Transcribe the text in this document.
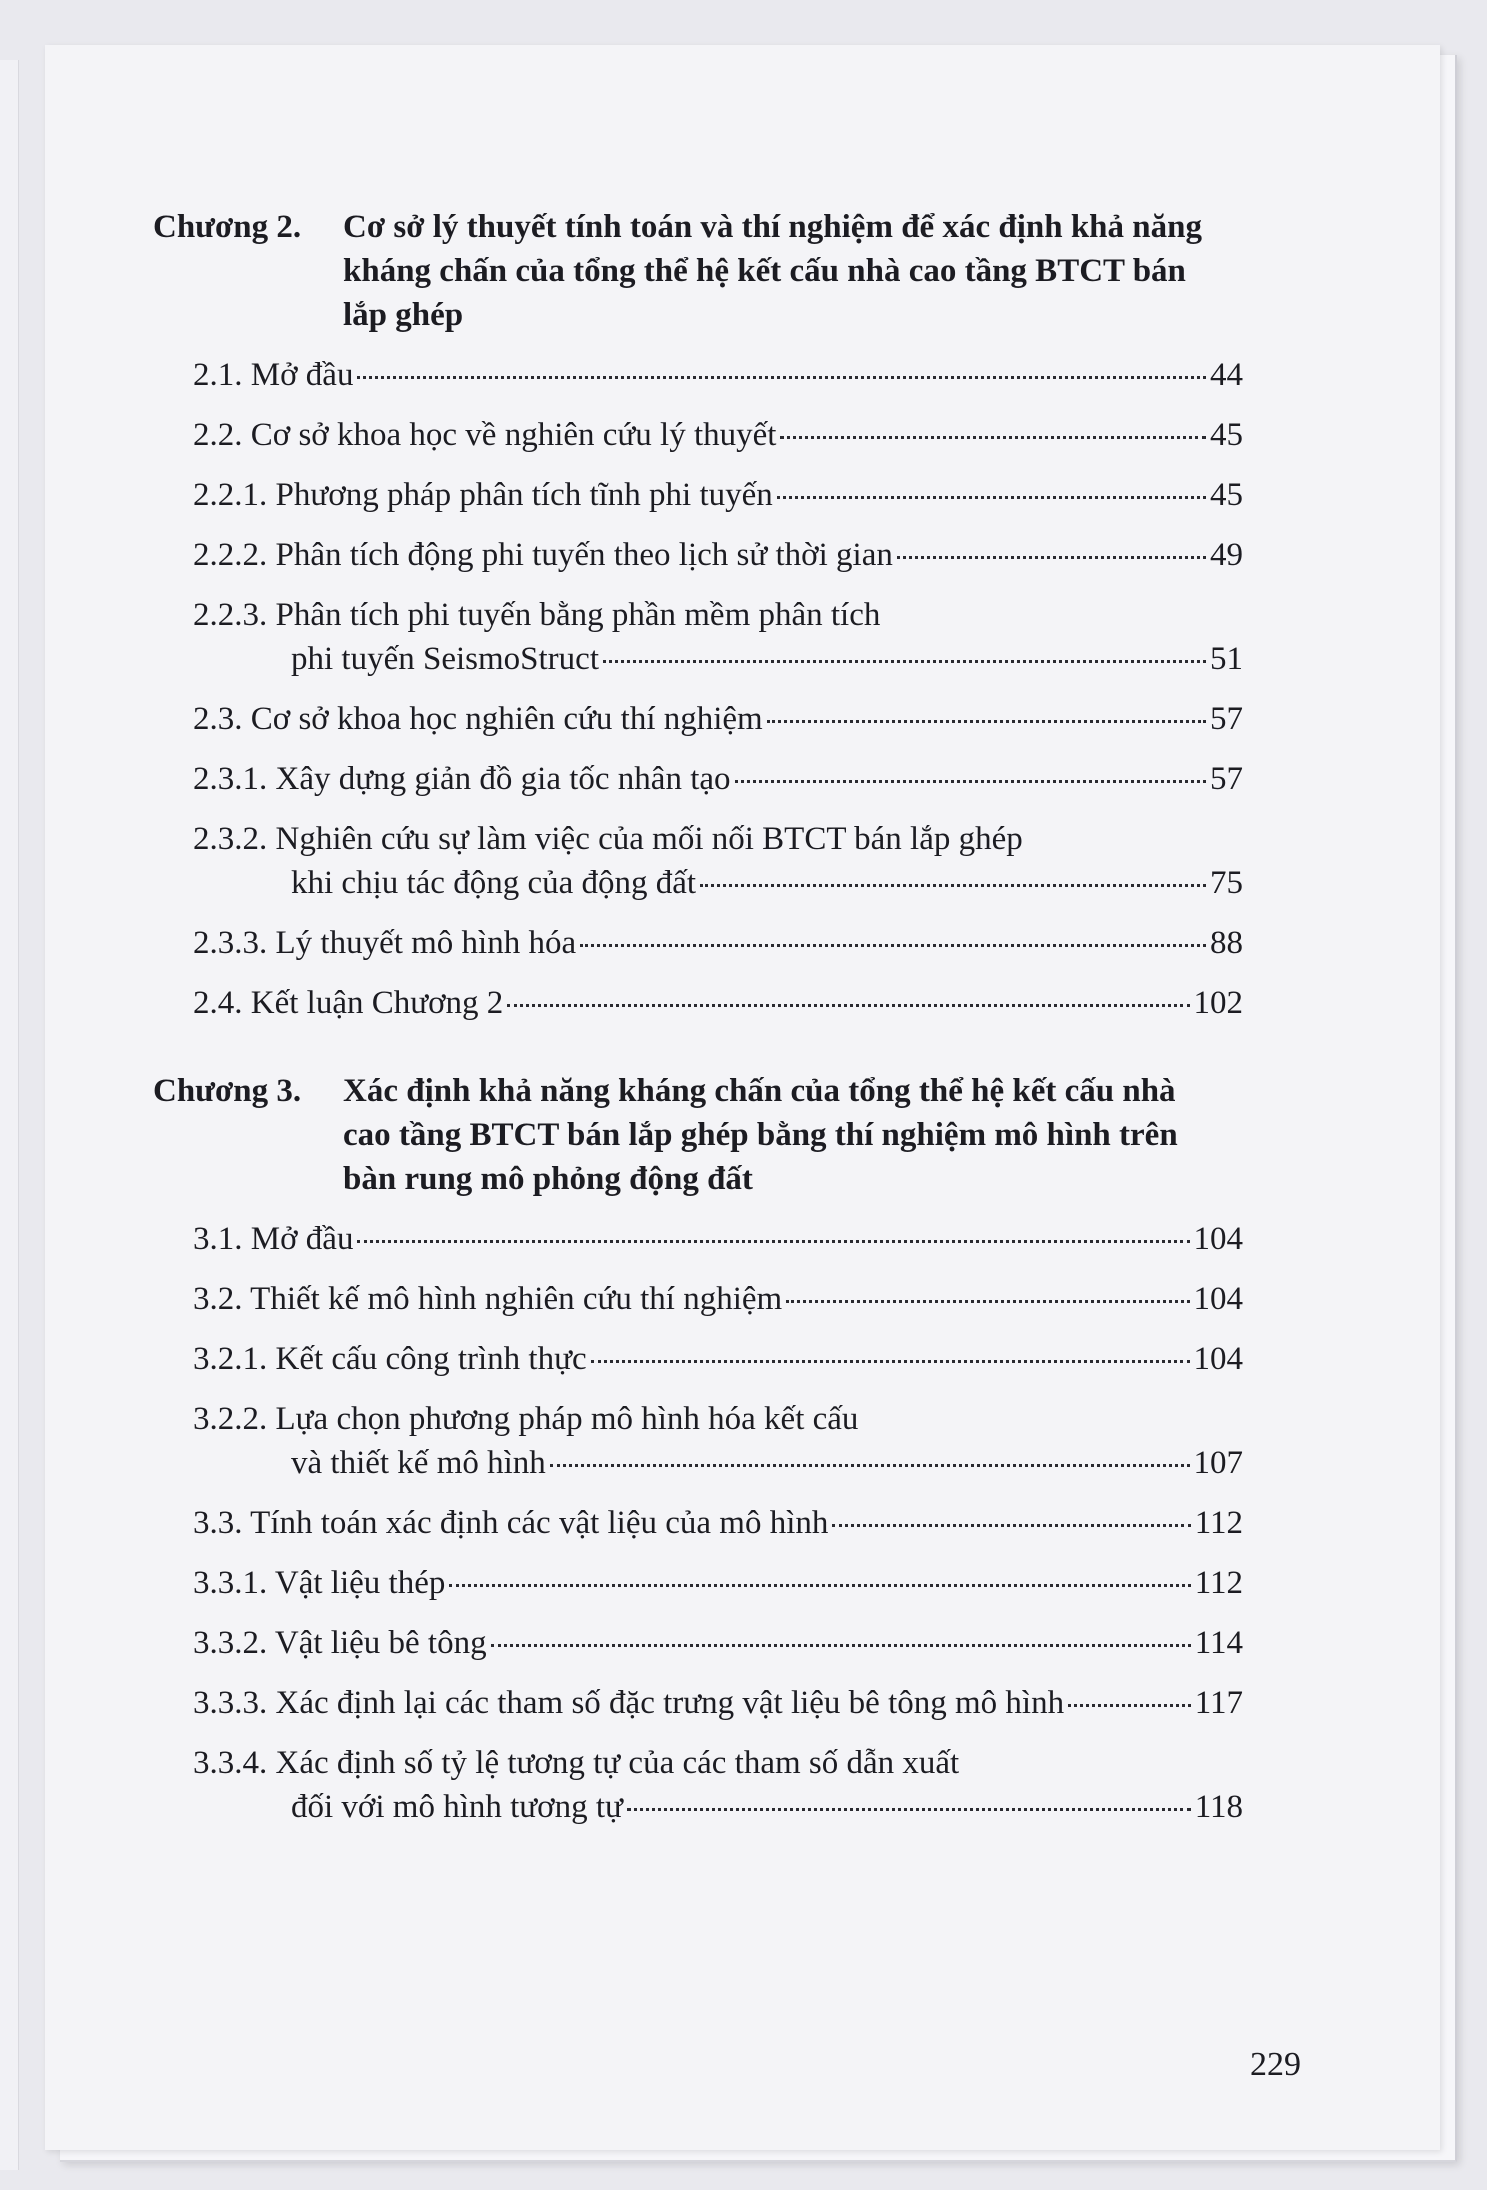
Chương 2.	Cơ sở lý thuyết tính toán và thí nghiệm để xác định khả năng kháng chấn của tổng thể hệ kết cấu nhà cao tầng BTCT bán lắp ghép
2.1. Mở đầu	44
2.2. Cơ sở khoa học về nghiên cứu lý thuyết	45
2.2.1. Phương pháp phân tích tĩnh phi tuyến	45
2.2.2. Phân tích động phi tuyến theo lịch sử thời gian	49
2.2.3. Phân tích phi tuyến bằng phần mềm phân tích
phi tuyến SeismoStruct	51
2.3. Cơ sở khoa học nghiên cứu thí nghiệm	57
2.3.1. Xây dựng giản đồ gia tốc nhân tạo	57
2.3.2. Nghiên cứu sự làm việc của mối nối BTCT bán lắp ghép
khi chịu tác động của động đất	75
2.3.3. Lý thuyết mô hình hóa	88
2.4. Kết luận Chương 2	102
Chương 3.	Xác định khả năng kháng chấn của tổng thể hệ kết cấu nhà cao tầng BTCT bán lắp ghép bằng thí nghiệm mô hình trên bàn rung mô phỏng động đất
3.1. Mở đầu	104
3.2. Thiết kế mô hình nghiên cứu thí nghiệm	104
3.2.1. Kết cấu công trình thực	104
3.2.2. Lựa chọn phương pháp mô hình hóa kết cấu
và thiết kế mô hình	107
3.3. Tính toán xác định các vật liệu của mô hình	112
3.3.1. Vật liệu thép	112
3.3.2. Vật liệu bê tông	114
3.3.3. Xác định lại các tham số đặc trưng vật liệu bê tông mô hình	117
3.3.4. Xác định số tỷ lệ tương tự của các tham số dẫn xuất
đối với mô hình tương tự	118
229
